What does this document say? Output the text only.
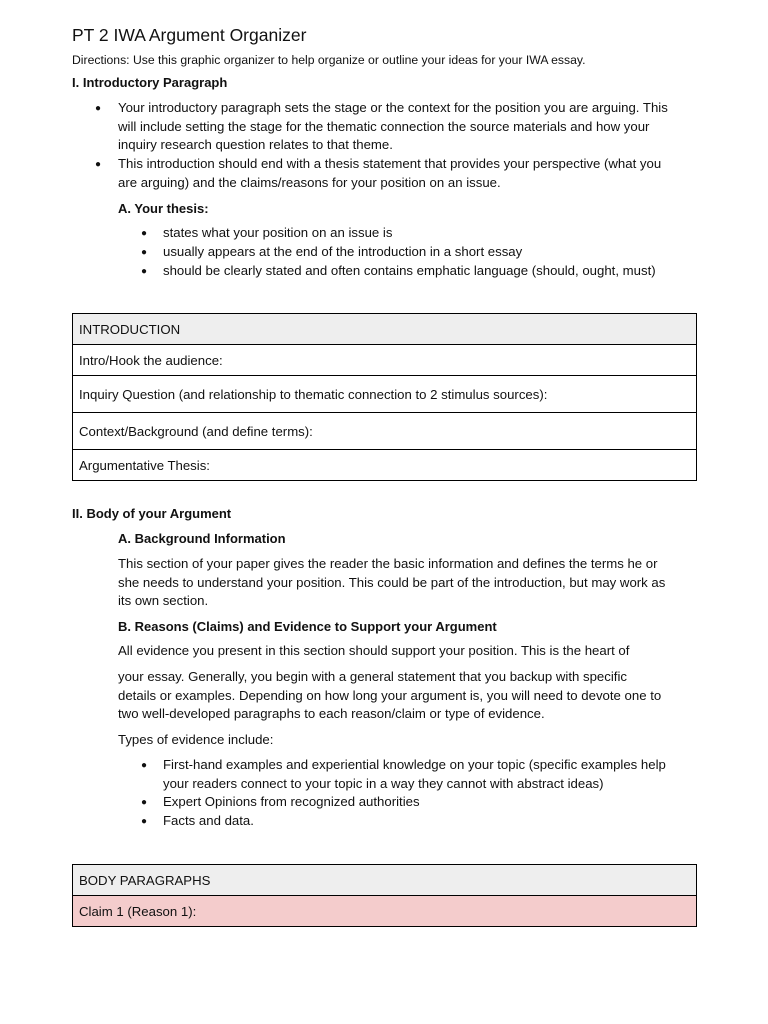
PT 2 IWA Argument Organizer
Directions: Use this graphic organizer to help organize or outline your ideas for your IWA essay.
I. Introductory Paragraph
● Your introductory paragraph sets the stage or the context for the position you are arguing. This
will include setting the stage for the thematic connection the source materials and how your
inquiry research question relates to that theme.
● This introduction should end with a thesis statement that provides your perspective (what you
are arguing) and the claims/reasons for your position on an issue.
A. Your thesis:
● states what your position on an issue is
● usually appears at the end of the introduction in a short essay
● should be clearly stated and often contains emphatic language (should, ought, must)
INTRODUCTION
Intro/Hook the audience:
Inquiry Question (and relationship to thematic connection to 2 stimulus sources):
Context/Background (and define terms):
Argumentative Thesis:
II. Body of your Argument
A. Background Information
This section of your paper gives the reader the basic information and defines the terms he or
she needs to understand your position. This could be part of the introduction, but may work as
its own section.
B. Reasons (Claims) and Evidence to Support your Argument
All evidence you present in this section should support your position. This is the heart of
your essay. Generally, you begin with a general statement that you backup with specific
details or examples. Depending on how long your argument is, you will need to devote one to
two well-developed paragraphs to each reason/claim or type of evidence.
Types of evidence include:
● First-hand examples and experiential knowledge on your topic (specific examples help
your readers connect to your topic in a way they cannot with abstract ideas)
● Expert Opinions from recognized authorities
● Facts and data.
BODY PARAGRAPHS
Claim 1 (Reason 1):
